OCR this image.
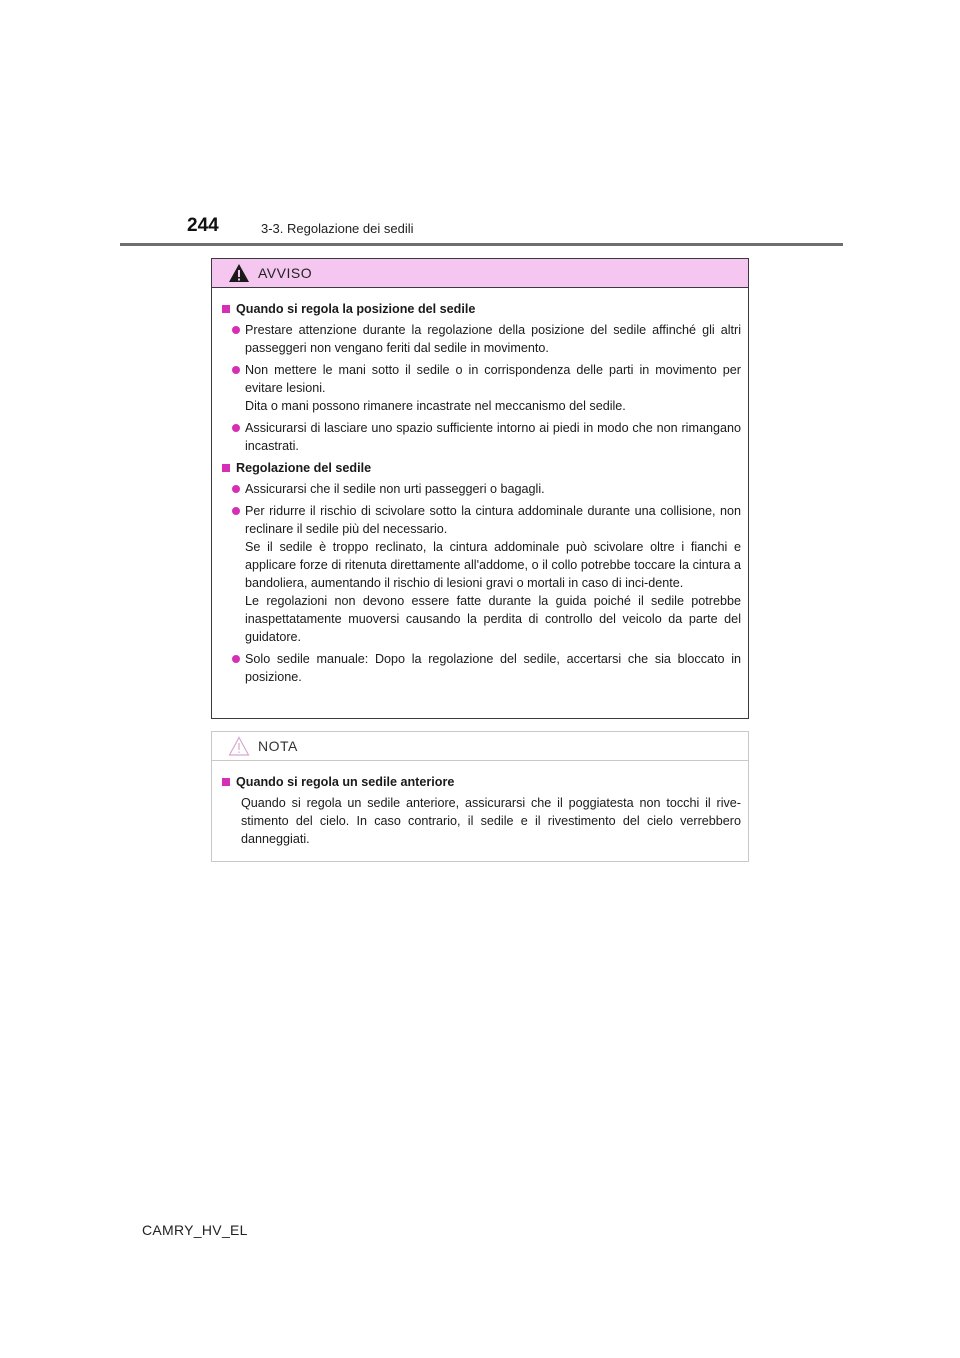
244	3-3. Regolazione dei sedili
AVVISO
Quando si regola la posizione del sedile
Prestare attenzione durante la regolazione della posizione del sedile affinché gli altri passeggeri non vengano feriti dal sedile in movimento.
Non mettere le mani sotto il sedile o in corrispondenza delle parti in movimento per evitare lesioni.
Dita o mani possono rimanere incastrate nel meccanismo del sedile.
Assicurarsi di lasciare uno spazio sufficiente intorno ai piedi in modo che non rimangano incastrati.
Regolazione del sedile
Assicurarsi che il sedile non urti passeggeri o bagagli.
Per ridurre il rischio di scivolare sotto la cintura addominale durante una collisione, non reclinare il sedile più del necessario.
Se il sedile è troppo reclinato, la cintura addominale può scivolare oltre i fianchi e applicare forze di ritenuta direttamente all'addome, o il collo potrebbe toccare la cintura a bandoliera, aumentando il rischio di lesioni gravi o mortali in caso di inci-dente.
Le regolazioni non devono essere fatte durante la guida poiché il sedile potrebbe inaspettatamente muoversi causando la perdita di controllo del veicolo da parte del guidatore.
Solo sedile manuale: Dopo la regolazione del sedile, accertarsi che sia bloccato in posizione.
NOTA
Quando si regola un sedile anteriore
Quando si regola un sedile anteriore, assicurarsi che il poggiatesta non tocchi il rive-stimento del cielo. In caso contrario, il sedile e il rivestimento del cielo verrebbero danneggiati.
CAMRY_HV_EL
